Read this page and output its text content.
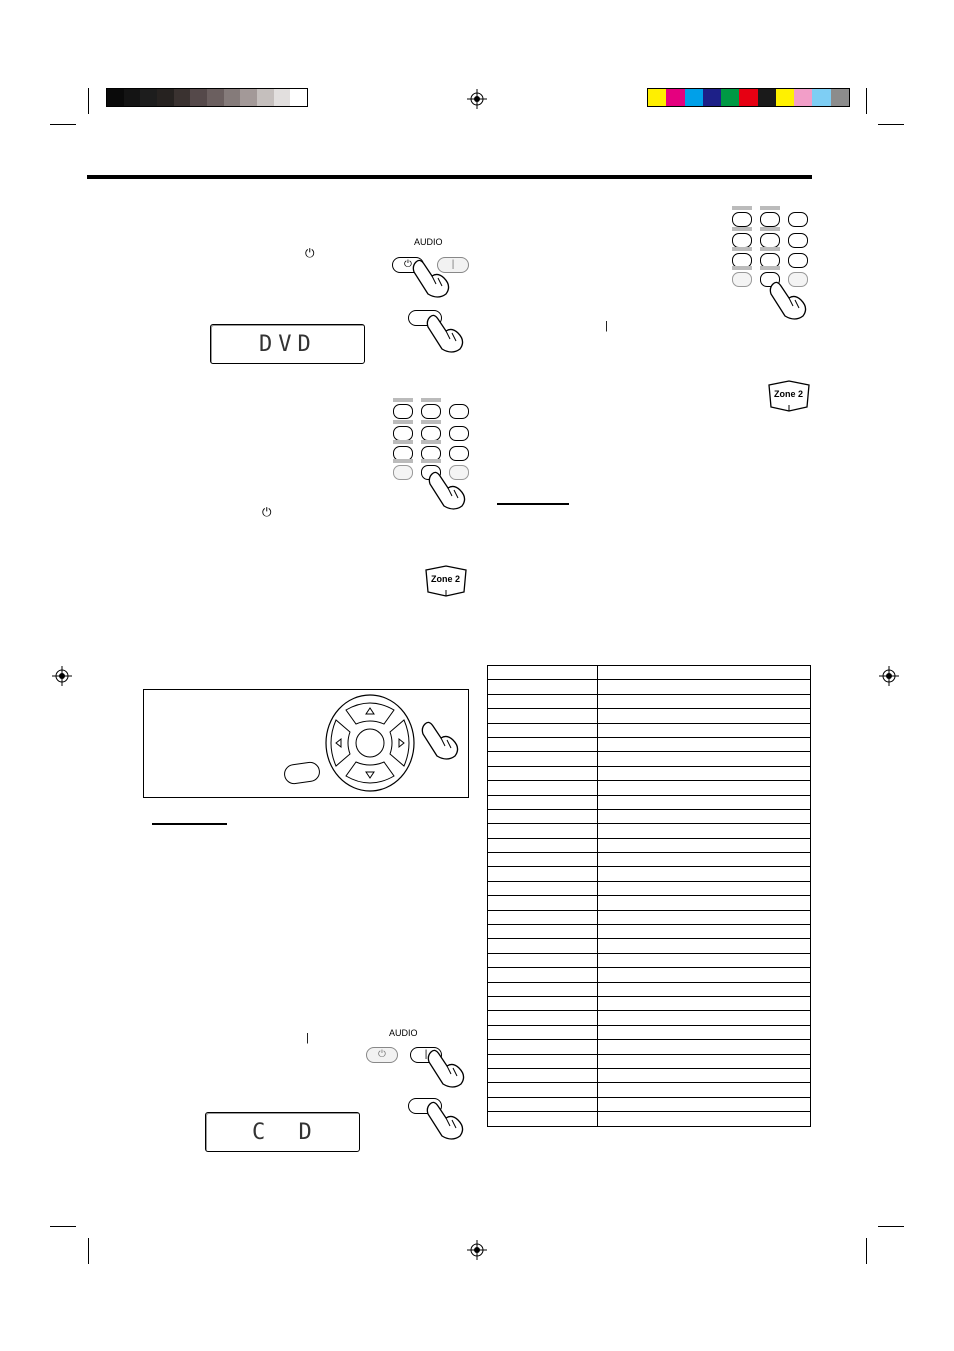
AUDIO
⏻	|
⏻
DVD
⏻
Zone 2
AUDIO
⏻	|
|
C D
|
Zone 2
